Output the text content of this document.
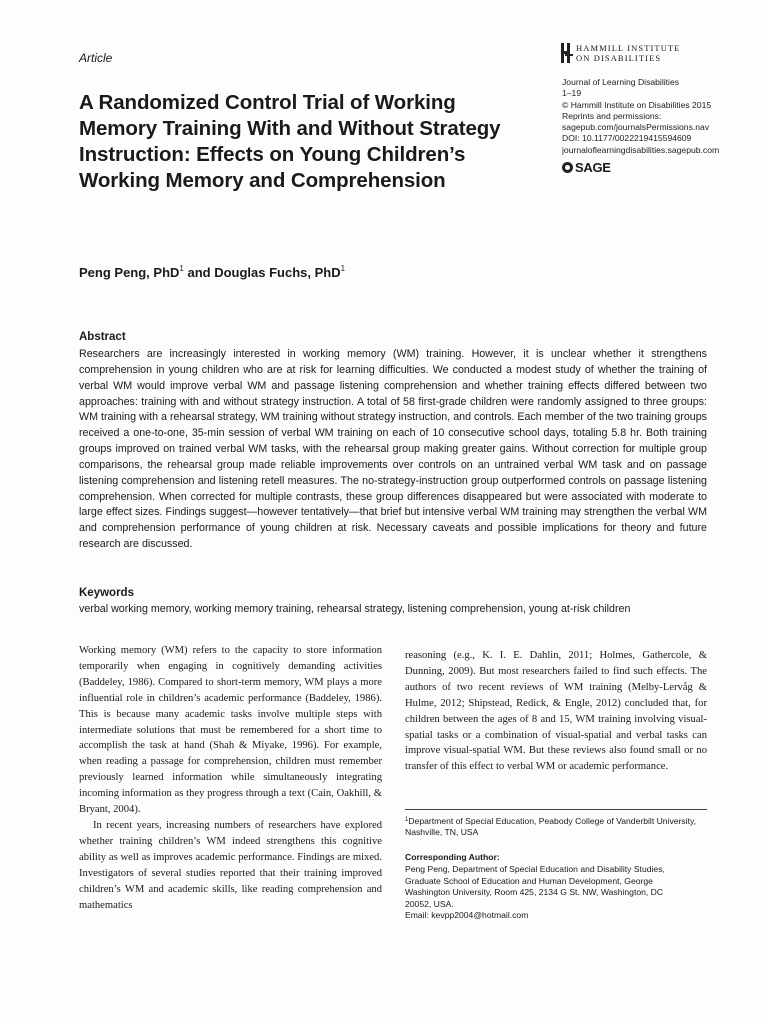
Article
HAMMILL INSTITUTE
ON DISABILITIES
Journal of Learning Disabilities
1–19
© Hammill Institute on Disabilities 2015
Reprints and permissions:
sagepub.com/journalsPermissions.nav
DOI: 10.1177/0022219415594609
journaloflearningdisabilities.sagepub.com
SAGE
A Randomized Control Trial of Working Memory Training With and Without Strategy Instruction: Effects on Young Children’s Working Memory and Comprehension
Peng Peng, PhD$^1$ and Douglas Fuchs, PhD$^1$
Abstract
Researchers are increasingly interested in working memory (WM) training. However, it is unclear whether it strengthens comprehension in young children who are at risk for learning difficulties. We conducted a modest study of whether the training of verbal WM would improve verbal WM and passage listening comprehension and whether training effects differed between two approaches: training with and without strategy instruction. A total of 58 first-grade children were randomly assigned to three groups: WM training with a rehearsal strategy, WM training without strategy instruction, and controls. Each member of the two training groups received a one-to-one, 35-min session of verbal WM training on each of 10 consecutive school days, totaling 5.8 hr. Both training groups improved on trained verbal WM tasks, with the rehearsal group making greater gains. Without correction for multiple group comparisons, the rehearsal group made reliable improvements over controls on an untrained verbal WM task and on passage listening comprehension and listening retell measures. The no-strategy-instruction group outperformed controls on passage listening comprehension. When corrected for multiple contrasts, these group differences disappeared but were associated with moderate to large effect sizes. Findings suggest—however tentatively—that brief but intensive verbal WM training may strengthen the verbal WM and comprehension performance of young children at risk. Necessary caveats and possible implications for theory and future research are discussed.
Keywords
verbal working memory, working memory training, rehearsal strategy, listening comprehension, young at-risk children

Working memory (WM) refers to the capacity to store information temporarily when engaging in cognitively demanding activities (Baddeley, 1986). Compared to short-term memory, WM plays a more influential role in children’s academic performance (Baddeley, 1986). This is because many academic tasks involve multiple steps with intermediate solutions that must be remembered for a short time to accomplish the task at hand (Shah & Miyake, 1996). For example, when reading a passage for comprehension, children must remember previously learned information while simultaneously integrating incoming information as they progress through a text (Cain, Oakhill, & Bryant, 2004).

In recent years, increasing numbers of researchers have explored whether training children’s WM indeed strengthens this cognitive ability as well as improves academic performance. Findings are mixed. Investigators of several studies reported that their training improved children’s WM and academic skills, like reading comprehension and mathematics

reasoning (e.g., K. I. E. Dahlin, 2011; Holmes, Gathercole, & Dunning, 2009). But most researchers failed to find such effects. The authors of two recent reviews of WM training (Melby-Lervåg & Hulme, 2012; Shipstead, Redick, & Engle, 2012) concluded that, for children between the ages of 8 and 15, WM training involving visual-spatial tasks or a combination of visual-spatial and verbal tasks can improve visual-spatial WM. But these reviews also found small or no transfer of this effect to verbal WM or academic performance.

$^1$Department of Special Education, Peabody College of Vanderbilt University, Nashville, TN, USA
Corresponding Author:
Peng Peng, Department of Special Education and Disability Studies,
Graduate School of Education and Human Development, George
Washington University, Room 425, 2134 G St. NW, Washington, DC
20052, USA.
Email: kevpp2004@hotmail.com
